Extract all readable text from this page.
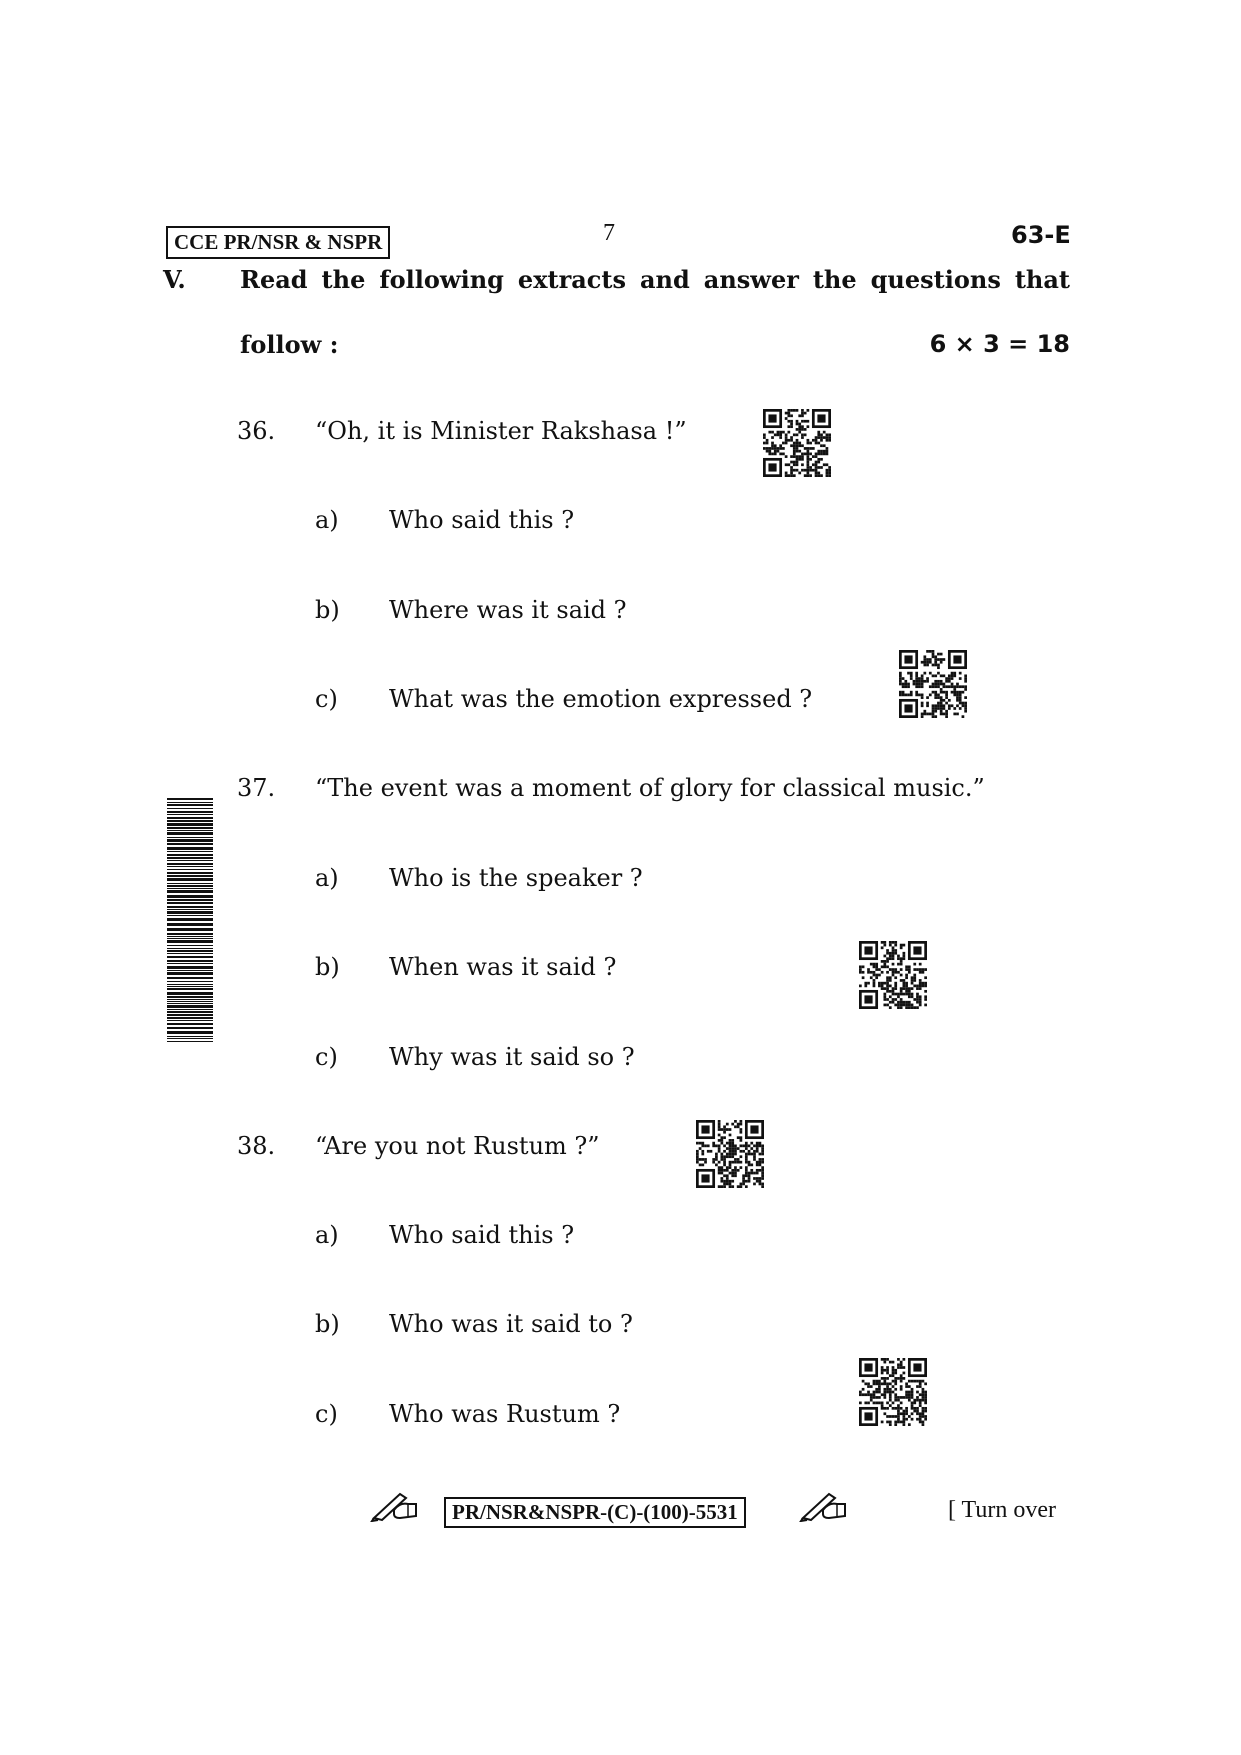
CCE PR/NSR & NSPR	7	63-E
V. Read the following extracts and answer the questions that
follow :	6 × 3 = 18
36. “Oh, it is Minister Rakshasa !”
a) Who said this ?
b) Where was it said ?
c) What was the emotion expressed ?
37. “The event was a moment of glory for classical music.”
a) Who is the speaker ?
b) When was it said ?
c) Why was it said so ?
38. “Are you not Rustum ?”
a) Who said this ?
b) Who was it said to ?
c) Who was Rustum ?
PR/NSR&NSPR-(C)-(100)-5531	[ Turn over
